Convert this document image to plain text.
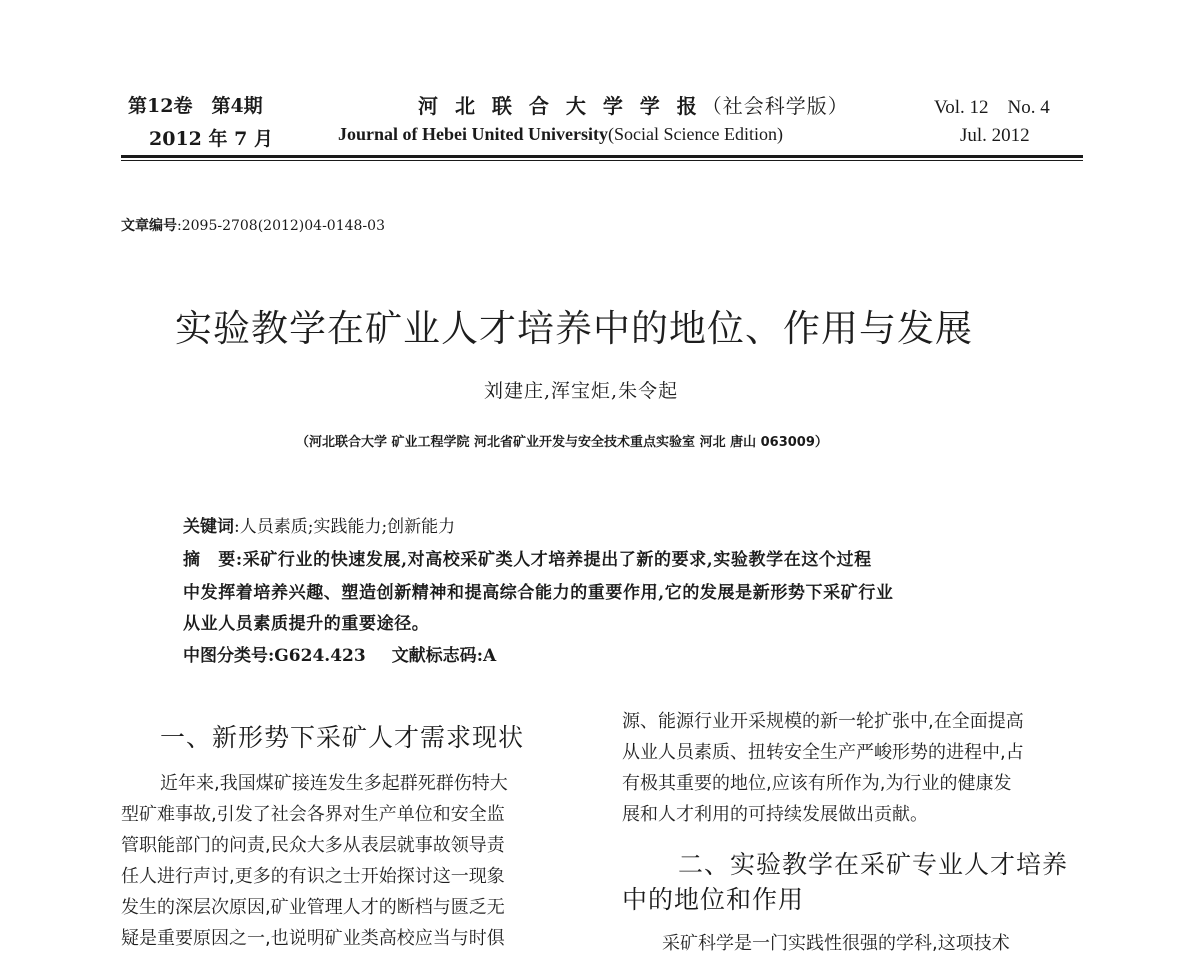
第12卷　第4期
2012 年 7 月
河 北 联 合 大 学 学 报（社会科学版）
Journal of Hebei United University(Social Science Edition)
Vol. 12　No. 4
Jul. 2012
文章编号:2095-2708(2012)04-0148-03
实验教学在矿业人才培养中的地位、作用与发展
刘建庄,浑宝炬,朱令起
（河北联合大学 矿业工程学院 河北省矿业开发与安全技术重点实验室 河北 唐山 063009）
关键词:人员素质;实践能力;创新能力
摘　要:采矿行业的快速发展,对高校采矿类人才培养提出了新的要求,实验教学在这个过程
中发挥着培养兴趣、塑造创新精神和提高综合能力的重要作用,它的发展是新形势下采矿行业
从业人员素质提升的重要途径。
中图分类号:G624.423 文献标志码:A
一、新形势下采矿人才需求现状
近年来,我国煤矿接连发生多起群死群伤特大
型矿难事故,引发了社会各界对生产单位和安全监
管职能部门的问责,民众大多从表层就事故领导责
任人进行声讨,更多的有识之士开始探讨这一现象
发生的深层次原因,矿业管理人才的断档与匮乏无
疑是重要原因之一,也说明矿业类高校应当与时俱
源、能源行业开采规模的新一轮扩张中,在全面提高
从业人员素质、扭转安全生产严峻形势的进程中,占
有极其重要的地位,应该有所作为,为行业的健康发
展和人才利用的可持续发展做出贡献。
二、实验教学在采矿专业人才培养
中的地位和作用
采矿科学是一门实践性很强的学科,这项技术
